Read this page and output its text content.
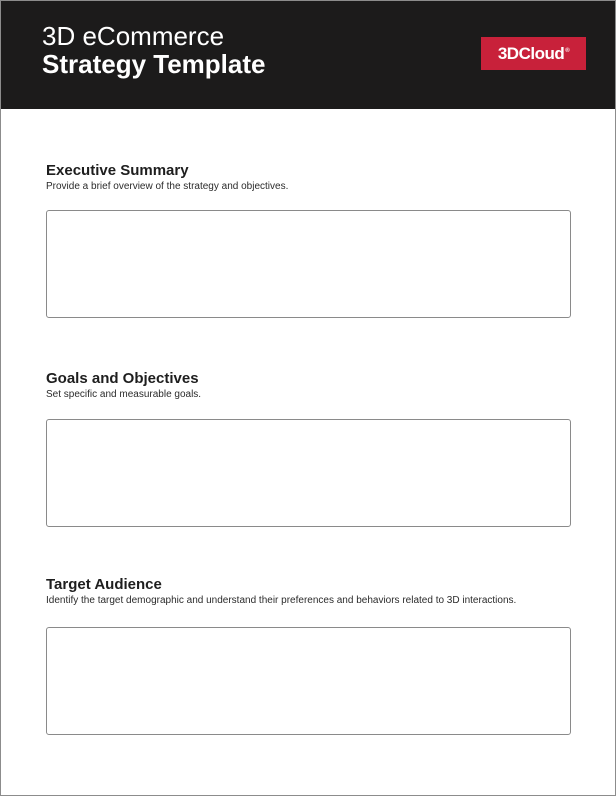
3D eCommerce
Strategy Template	3DCloud®
Executive Summary
Provide a brief overview of the strategy and objectives.
Goals and Objectives
Set specific and measurable goals.
Target Audience
Identify the target demographic and understand their preferences and behaviors related to 3D interactions.
